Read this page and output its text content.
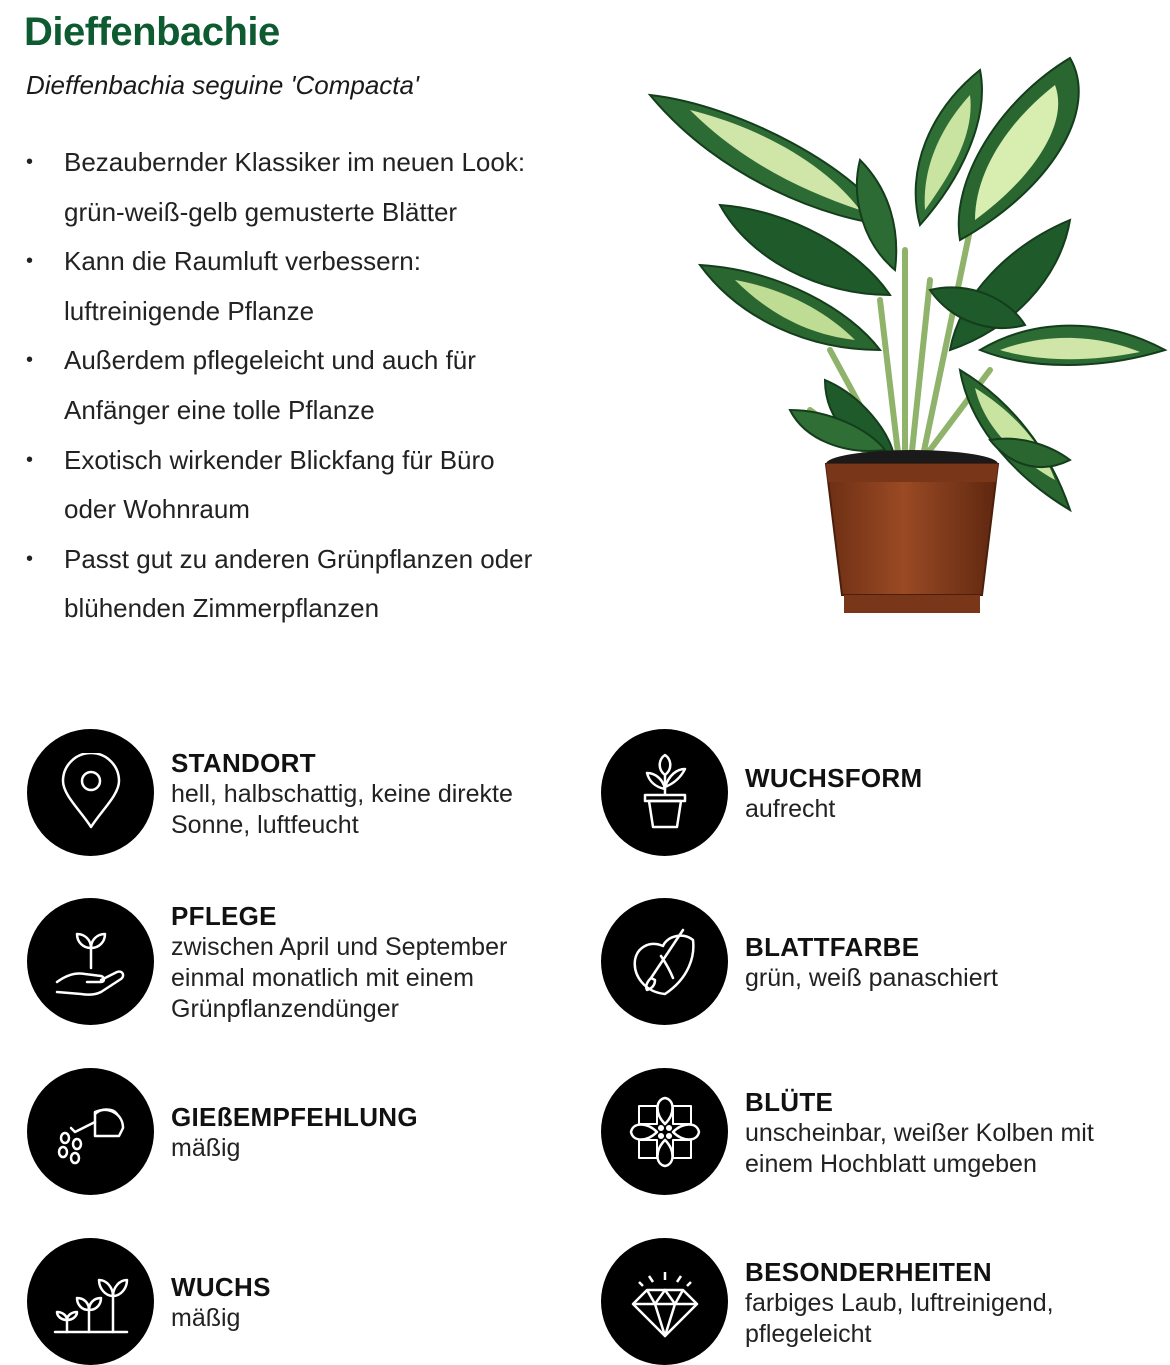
Dieffenbachie
Dieffenbachia seguine 'Compacta'
• Bezaubernder Klassiker im neuen Look:
grün-weiß-gelb gemusterte Blätter
• Kann die Raumluft verbessern:
luftreinigende Pflanze
• Außerdem pflegeleicht und auch für
Anfänger eine tolle Pflanze
• Exotisch wirkender Blickfang für Büro
oder Wohnraum
• Passt gut zu anderen Grünpflanzen oder
blühenden Zimmerpflanzen
STANDORT
hell, halbschattig, keine direkte
Sonne, luftfeucht
WUCHSFORM
aufrecht
PFLEGE
zwischen April und September
einmal monatlich mit einem
Grünpflanzendünger
BLATTFARBE
grün, weiß panaschiert
GIEßEMPFEHLUNG
mäßig
BLÜTE
unscheinbar, weißer Kolben mit
einem Hochblatt umgeben
WUCHS
mäßig
BESONDERHEITEN
farbiges Laub, luftreinigend,
pflegeleicht
